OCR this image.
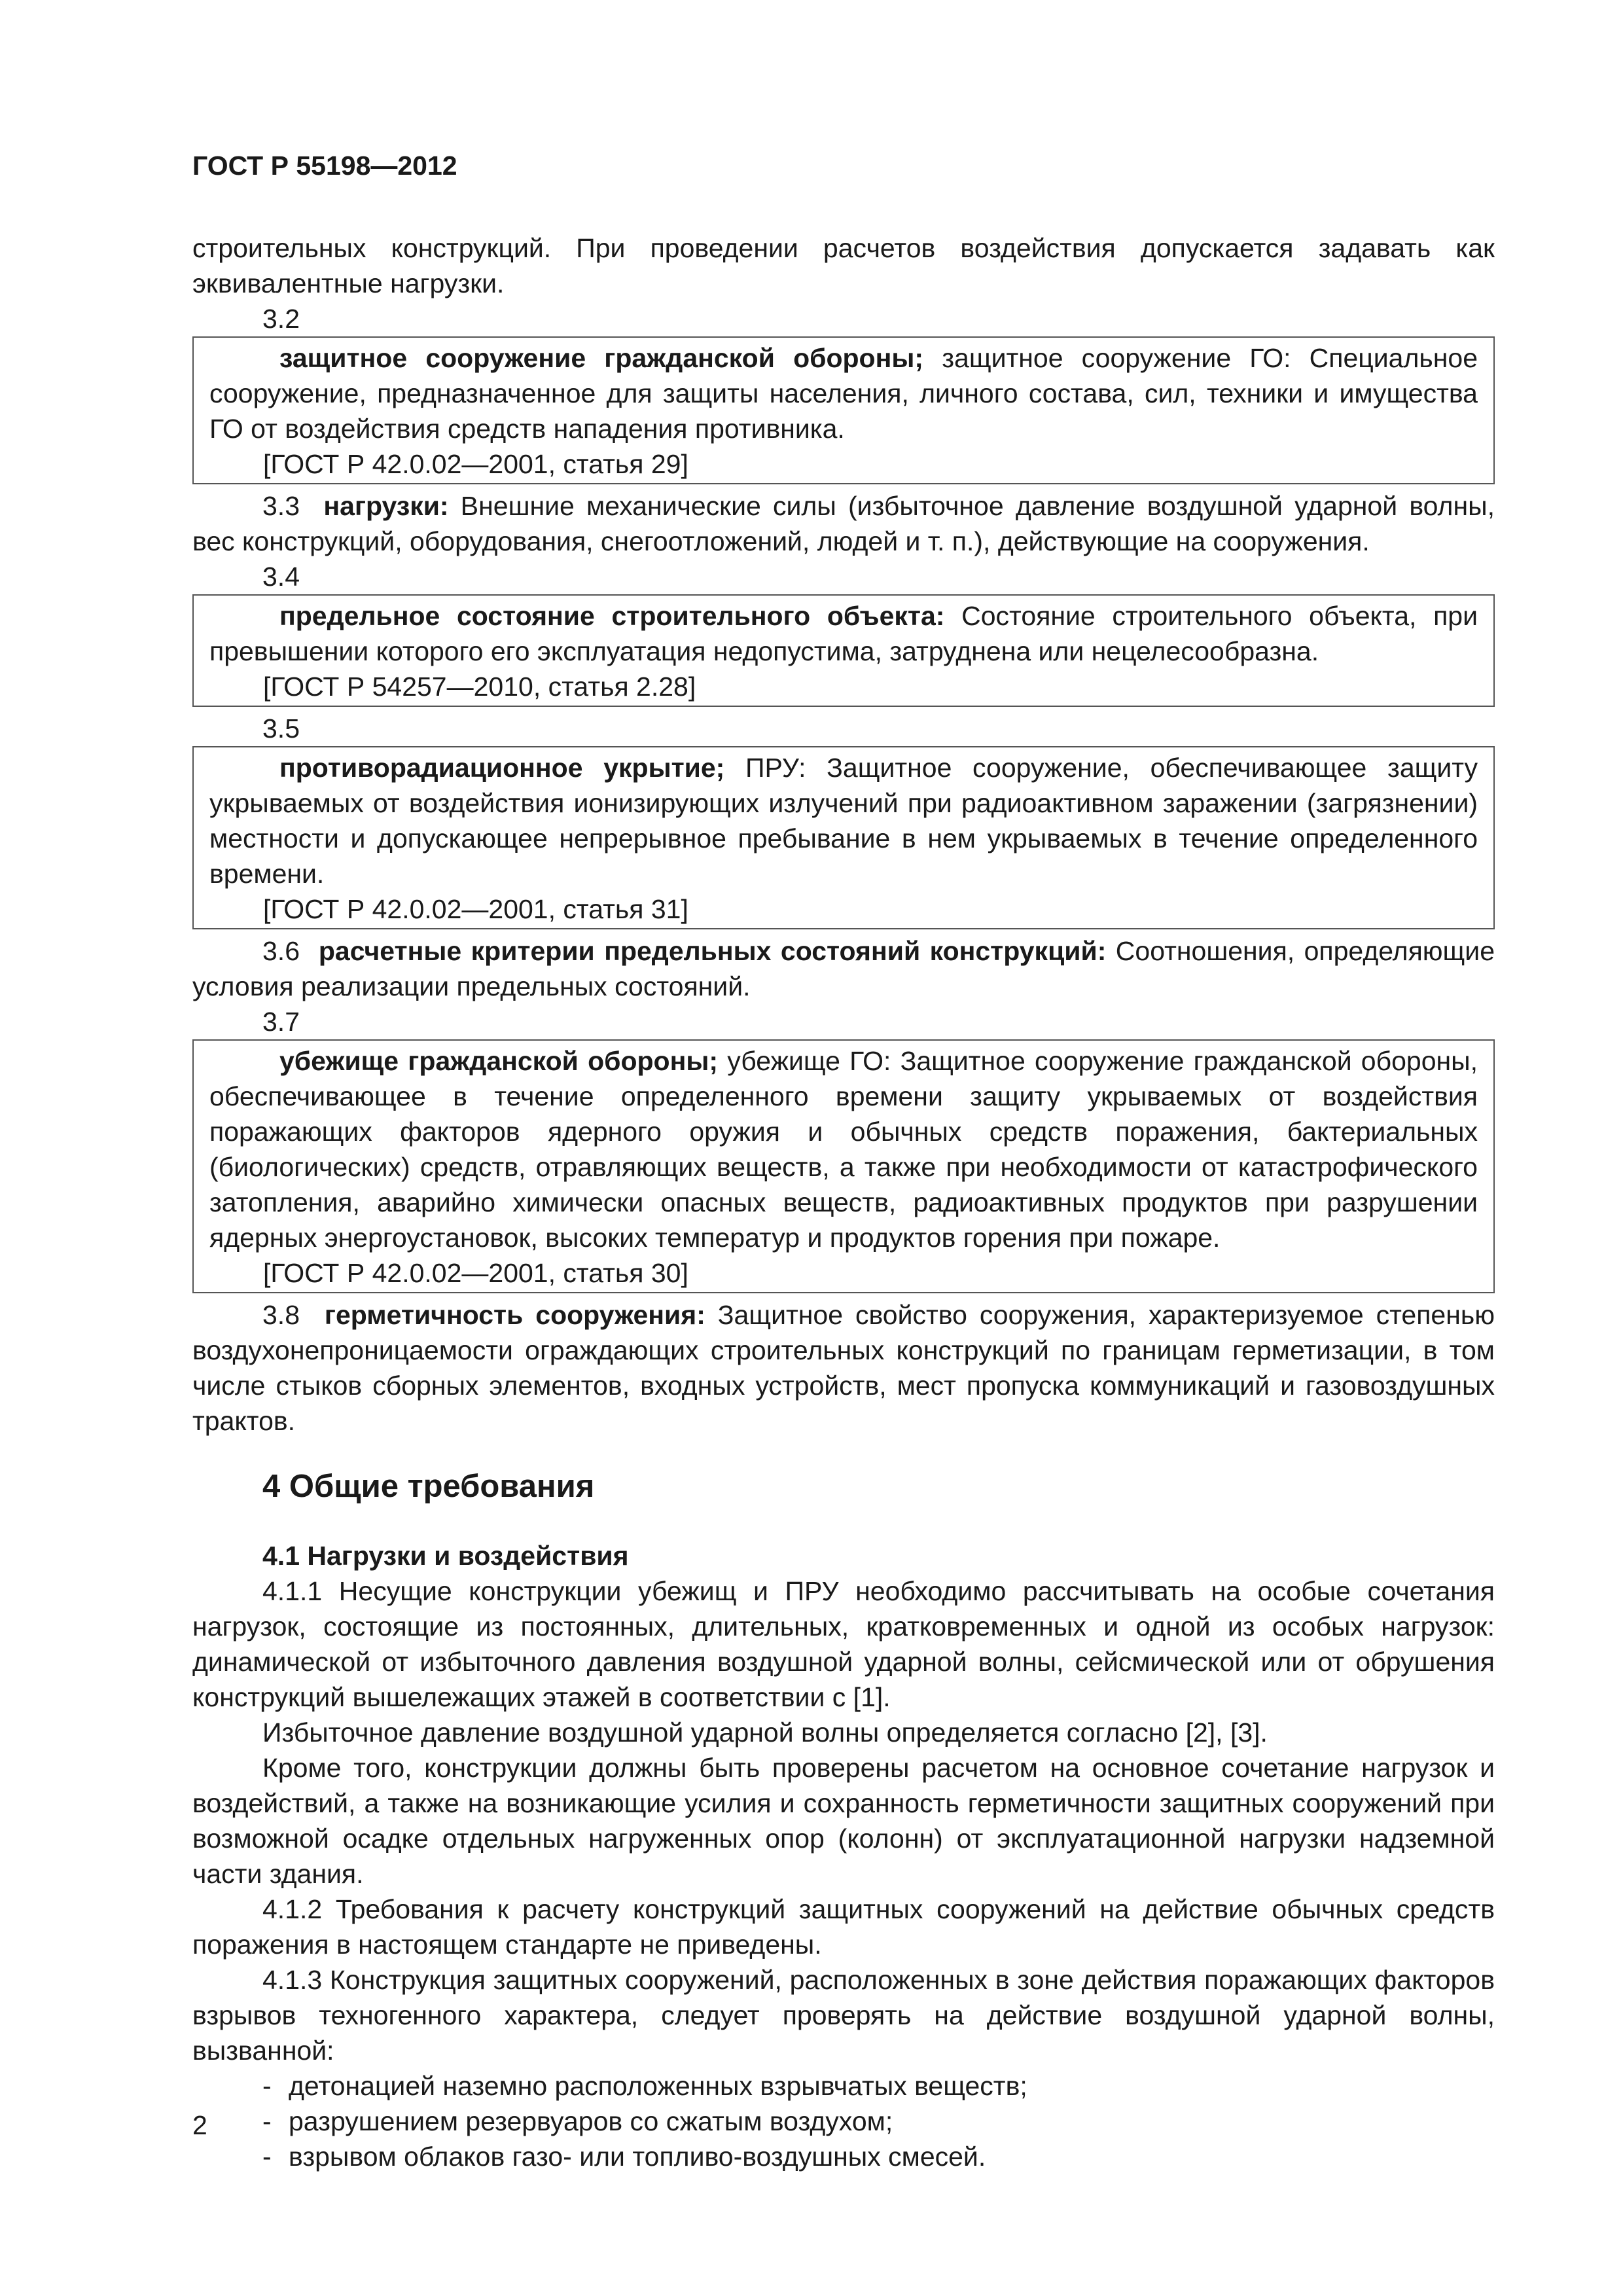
ГОСТ Р 55198—2012

строительных конструкций. При проведении расчетов воздействия допускается задавать как эквивалентные нагрузки.

3.2

защитное сооружение гражданской обороны; защитное сооружение ГО: Специальное сооружение, предназначенное для защиты населения, личного состава, сил, техники и имущества ГО от воздействия средств нападения противника.

[ГОСТ Р 42.0.02—2001, статья 29]

3.3 нагрузки: Внешние механические силы (избыточное давление воздушной ударной волны, вес конструкций, оборудования, снегоотложений, людей и т. п.), действующие на сооружения.

3.4

предельное состояние строительного объекта: Состояние строительного объекта, при превышении которого его эксплуатация недопустима, затруднена или нецелесообразна.

[ГОСТ Р 54257—2010, статья 2.28]
3.5

противорадиационное укрытие; ПРУ: Защитное сооружение, обеспечивающее защиту укрываемых от воздействия ионизирующих излучений при радиоактивном заражении (загрязнении) местности и допускающее непрерывное пребывание в нем укрываемых в течение определенного времени.

[ГОСТ Р 42.0.02—2001, статья 31]

3.6 расчетные критерии предельных состояний конструкций: Соотношения, определяющие условия реализации предельных состояний.

3.7

убежище гражданской обороны; убежище ГО: Защитное сооружение гражданской обороны, обеспечивающее в течение определенного времени защиту укрываемых от воздействия поражающих факторов ядерного оружия и обычных средств поражения, бактериальных (биологических) средств, отравляющих веществ, а также при необходимости от катастрофического затопления, аварийно химически опасных веществ, радиоактивных продуктов при разрушении ядерных энергоустановок, высоких температур и продуктов горения при пожаре.

[ГОСТ Р 42.0.02—2001, статья 30]

3.8 герметичность сооружения: Защитное свойство сооружения, характеризуемое степенью воздухонепроницаемости ограждающих строительных конструкций по границам герметизации, в том числе стыков сборных элементов, входных устройств, мест пропуска коммуникаций и газовоздушных трактов.

4 Общие требования
4.1 Нагрузки и воздействия

4.1.1 Несущие конструкции убежищ и ПРУ необходимо рассчитывать на особые сочетания нагрузок, состоящие из постоянных, длительных, кратковременных и одной из особых нагрузок: динамической от избыточного давления воздушной ударной волны, сейсмической или от обрушения конструкций вышележащих этажей в соответствии с [1].

Избыточное давление воздушной ударной волны определяется согласно [2], [3].

Кроме того, конструкции должны быть проверены расчетом на основное сочетание нагрузок и воздействий, а также на возникающие усилия и сохранность герметичности защитных сооружений при возможной осадке отдельных нагруженных опор (колонн) от эксплуатационной нагрузки надземной части здания.

4.1.2 Требования к расчету конструкций защитных сооружений на действие обычных средств поражения в настоящем стандарте не приведены.

4.1.3 Конструкция защитных сооружений, расположенных в зоне действия поражающих факторов взрывов техногенного характера, следует проверять на действие воздушной ударной волны, вызванной:

- детонацией наземно расположенных взрывчатых веществ;
- разрушением резервуаров со сжатым воздухом;
- взрывом облаков газо- или топливо-воздушных смесей.
2
